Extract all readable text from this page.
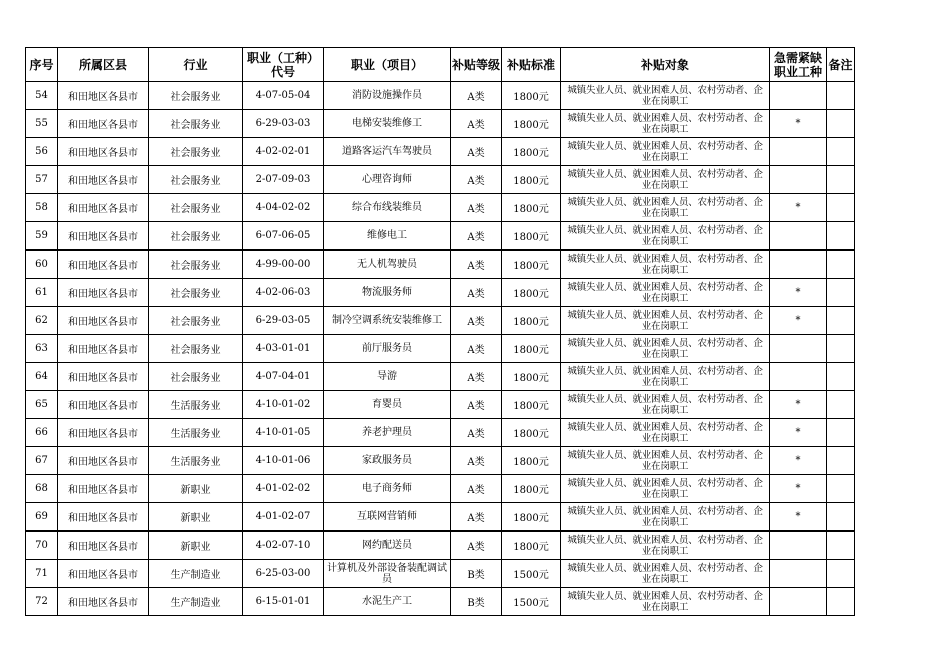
序号	所属区县	行业	职业（工种）代号	职业（项目）	补贴等级	补贴标准	补贴对象	急需紧缺职业工种	备注
54	和田地区各县市	社会服务业	4-07-05-04	消防设施操作员	A类	1800元	城镇失业人员、就业困难人员、农村劳动者、企业在岗职工		
55	和田地区各县市	社会服务业	6-29-03-03	电梯安装维修工	A类	1800元	城镇失业人员、就业困难人员、农村劳动者、企业在岗职工	*	
56	和田地区各县市	社会服务业	4-02-02-01	道路客运汽车驾驶员	A类	1800元	城镇失业人员、就业困难人员、农村劳动者、企业在岗职工		
57	和田地区各县市	社会服务业	2-07-09-03	心理咨询师	A类	1800元	城镇失业人员、就业困难人员、农村劳动者、企业在岗职工		
58	和田地区各县市	社会服务业	4-04-02-02	综合布线装维员	A类	1800元	城镇失业人员、就业困难人员、农村劳动者、企业在岗职工	*	
59	和田地区各县市	社会服务业	6-07-06-05	维修电工	A类	1800元	城镇失业人员、就业困难人员、农村劳动者、企业在岗职工		
60	和田地区各县市	社会服务业	4-99-00-00	无人机驾驶员	A类	1800元	城镇失业人员、就业困难人员、农村劳动者、企业在岗职工		
61	和田地区各县市	社会服务业	4-02-06-03	物流服务师	A类	1800元	城镇失业人员、就业困难人员、农村劳动者、企业在岗职工	*	
62	和田地区各县市	社会服务业	6-29-03-05	制冷空调系统安装维修工	A类	1800元	城镇失业人员、就业困难人员、农村劳动者、企业在岗职工	*	
63	和田地区各县市	社会服务业	4-03-01-01	前厅服务员	A类	1800元	城镇失业人员、就业困难人员、农村劳动者、企业在岗职工		
64	和田地区各县市	社会服务业	4-07-04-01	导游	A类	1800元	城镇失业人员、就业困难人员、农村劳动者、企业在岗职工		
65	和田地区各县市	生活服务业	4-10-01-02	育婴员	A类	1800元	城镇失业人员、就业困难人员、农村劳动者、企业在岗职工	*	
66	和田地区各县市	生活服务业	4-10-01-05	养老护理员	A类	1800元	城镇失业人员、就业困难人员、农村劳动者、企业在岗职工	*	
67	和田地区各县市	生活服务业	4-10-01-06	家政服务员	A类	1800元	城镇失业人员、就业困难人员、农村劳动者、企业在岗职工	*	
68	和田地区各县市	新职业	4-01-02-02	电子商务师	A类	1800元	城镇失业人员、就业困难人员、农村劳动者、企业在岗职工	*	
69	和田地区各县市	新职业	4-01-02-07	互联网营销师	A类	1800元	城镇失业人员、就业困难人员、农村劳动者、企业在岗职工	*	
70	和田地区各县市	新职业	4-02-07-10	网约配送员	A类	1800元	城镇失业人员、就业困难人员、农村劳动者、企业在岗职工		
71	和田地区各县市	生产制造业	6-25-03-00	计算机及外部设备装配调试员	B类	1500元	城镇失业人员、就业困难人员、农村劳动者、企业在岗职工		
72	和田地区各县市	生产制造业	6-15-01-01	水泥生产工	B类	1500元	城镇失业人员、就业困难人员、农村劳动者、企业在岗职工		
